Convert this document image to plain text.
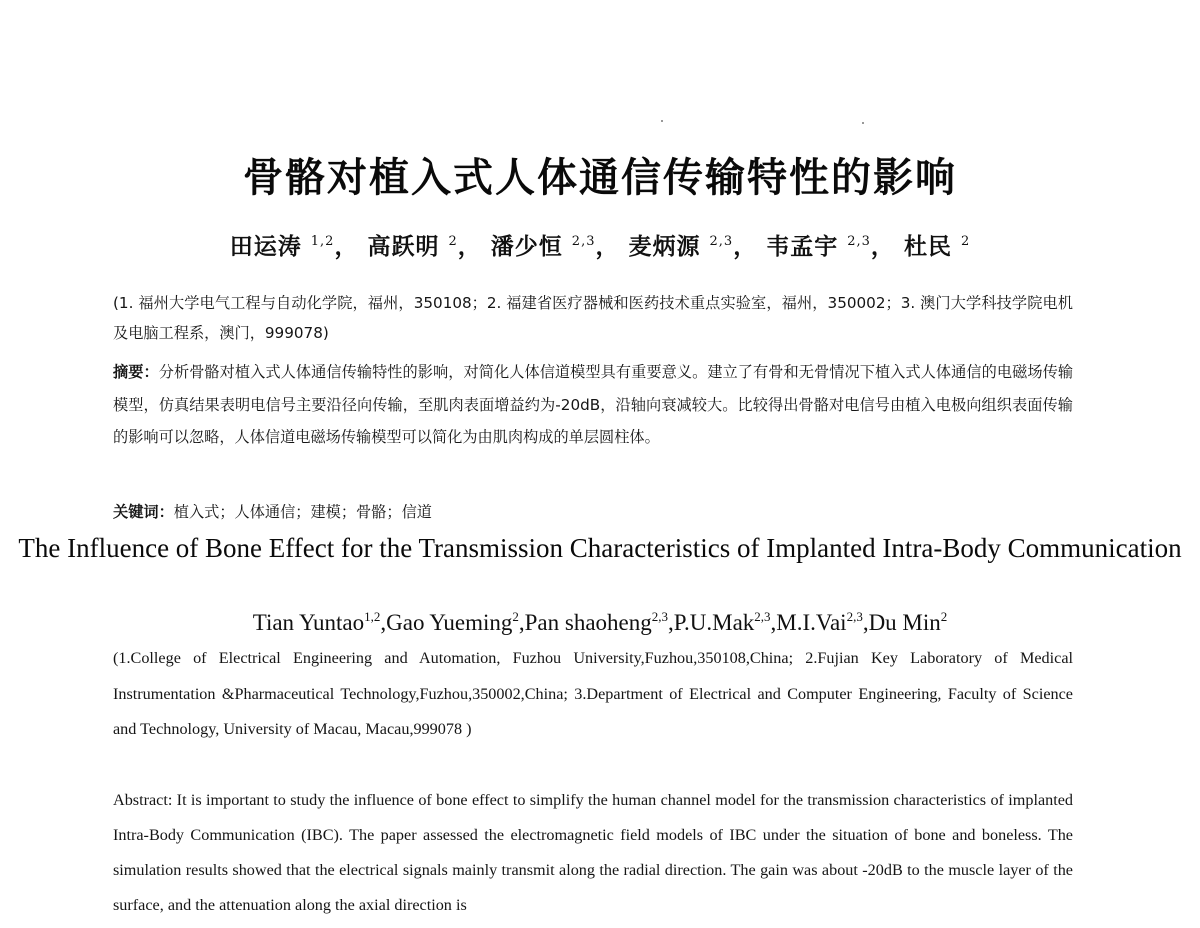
骨骼对植入式人体通信传输特性的影响
田运涛 $^{1,2}$， 高跃明 $^2$， 潘少恒 $^{2,3}$， 麦炳源 $^{2,3}$， 韦孟宇 $^{2,3}$， 杜民 $^2$
(1. 福州大学电气工程与自动化学院，福州，350108；2. 福建省医疗器械和医药技术重点实验室，福州，350002；3. 澳门大学科技学院电机及电脑工程系，澳门，999078)
摘要：分析骨骼对植入式人体通信传输特性的影响，对简化人体信道模型具有重要意义。建立了有骨和无骨情况下植入式人体通信的电磁场传输模型，仿真结果表明电信号主要沿径向传输，至肌肉表面增益约为-20dB，沿轴向衰减较大。比较得出骨骼对电信号由植入电极向组织表面传输的影响可以忽略，人体信道电磁场传输模型可以简化为由肌肉构成的单层圆柱体。
关键词：植入式；人体通信；建模；骨骼；信道
The Influence of Bone Effect for the Transmission Characteristics of Implanted Intra-Body Communication
Tian Yuntao$^{1,2}$,Gao Yueming$^2$,Pan shaoheng$^{2,3}$,P.U.Mak$^{2,3}$,M.I.Vai$^{2,3}$,Du Min$^2$
(1.College of Electrical Engineering and Automation, Fuzhou University,Fuzhou,350108,China; 2.Fujian Key Laboratory of Medical Instrumentation &Pharmaceutical Technology,Fuzhou,350002,China; 3.Department of Electrical and Computer Engineering, Faculty of Science and Technology, University of Macau, Macau,999078 )
Abstract: It is important to study the influence of bone effect to simplify the human channel model for the transmission characteristics of implanted Intra-Body Communication (IBC). The paper assessed the electromagnetic field models of IBC under the situation of bone and boneless. The simulation results showed that the electrical signals mainly transmit along the radial direction. The gain was about -20dB to the muscle layer of the surface, and the attenuation along the axial direction is
